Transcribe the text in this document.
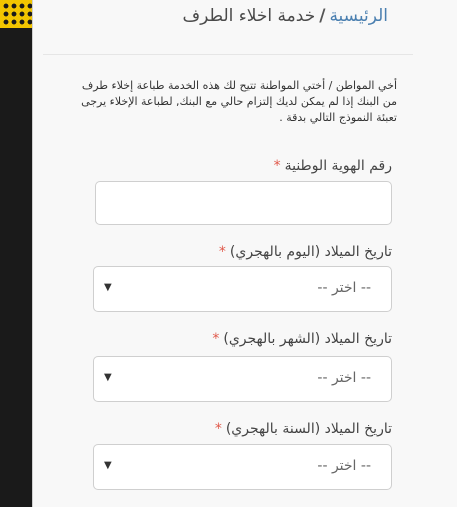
الرئيسية/خدمة اخلاء الطرف
أخي المواطن / أختي المواطنة تتيح لك هذه الخدمة طباعة إخلاء طرف من البنك إذا لم يمكن لديك إلتزام حالي مع البنك, لطباعة الإخلاء يرجى تعبئة النموذج التالي بدقة .
رقم الهوية الوطنية*
تاريخ الميلاد (اليوم بالهجري)*
-- اختر --
▼
تاريخ الميلاد (الشهر بالهجري)*
-- اختر --
▼
تاريخ الميلاد (السنة بالهجري)*
-- اختر --
▼
